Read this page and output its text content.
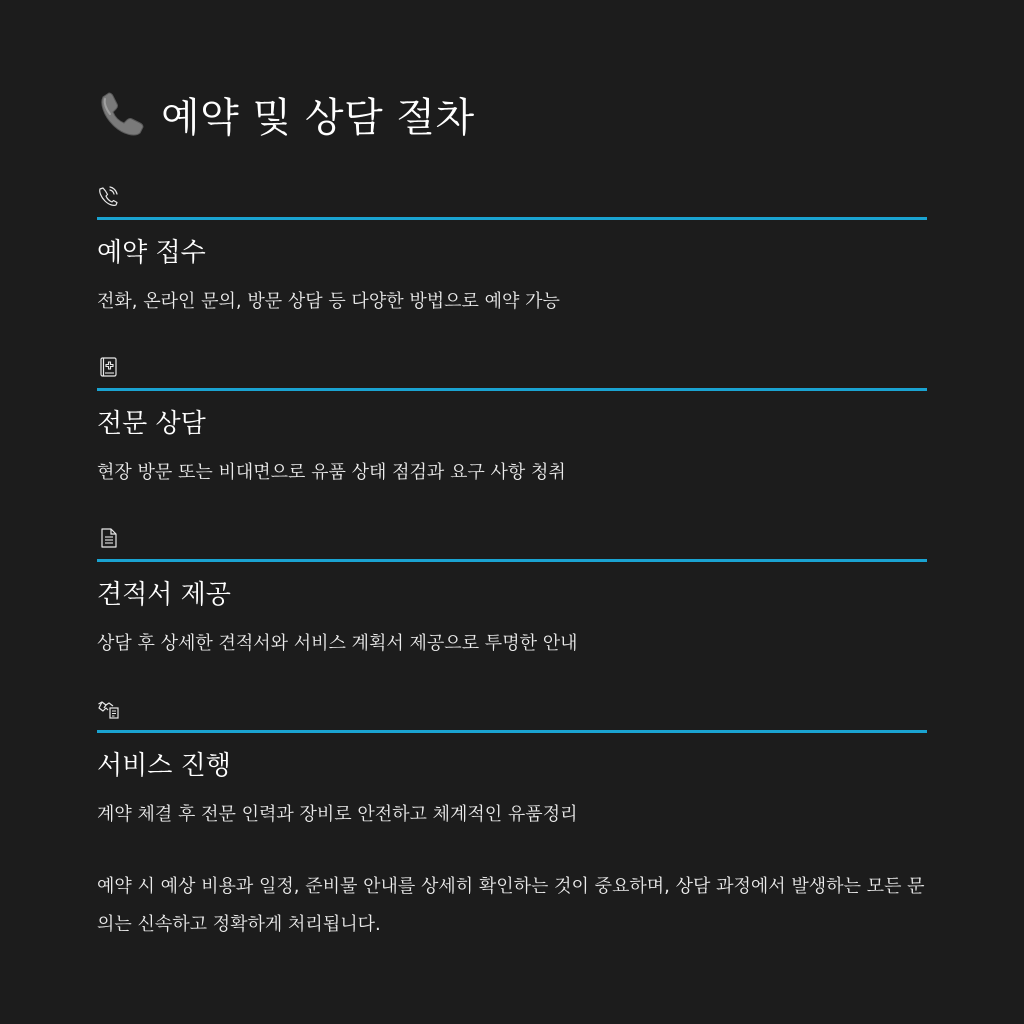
예약 및 상담 절차
예약 접수
전화, 온라인 문의, 방문 상담 등 다양한 방법으로 예약 가능
전문 상담
현장 방문 또는 비대면으로 유품 상태 점검과 요구 사항 청취
견적서 제공
상담 후 상세한 견적서와 서비스 계획서 제공으로 투명한 안내
서비스 진행
계약 체결 후 전문 인력과 장비로 안전하고 체계적인 유품정리
예약 시 예상 비용과 일정, 준비물 안내를 상세히 확인하는 것이 중요하며, 상담 과정에서 발생하는 모든 문의는 신속하고 정확하게 처리됩니다.
